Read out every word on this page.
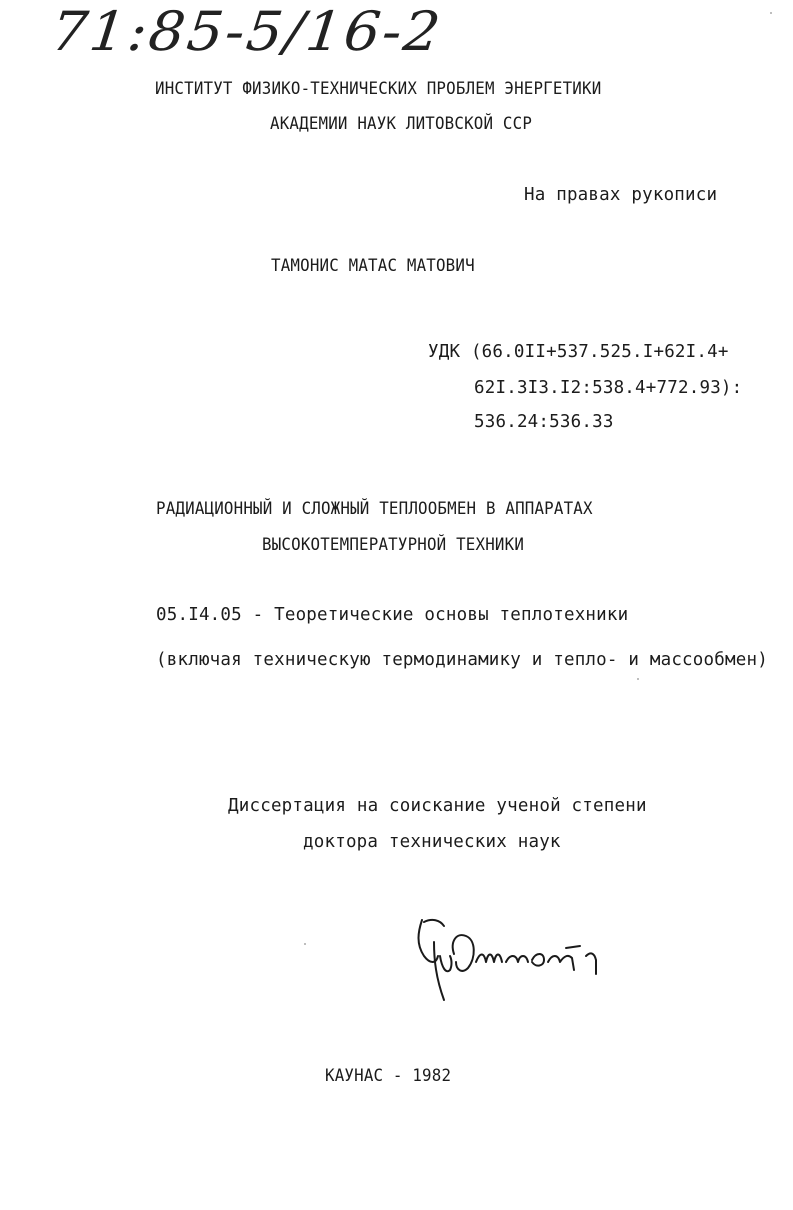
71:85-5/16-2
ИНСТИТУТ ФИЗИКО-ТЕХНИЧЕСКИХ ПРОБЛЕМ ЭНЕРГЕТИКИ
АКАДЕМИИ НАУК ЛИТОВСКОЙ ССР
На правах рукописи
ТАМОНИС МАТАС МАТОВИЧ
УДК (66.0II+537.525.I+62I.4+
62I.3I3.I2:538.4+772.93):
536.24:536.33
РАДИАЦИОННЫЙ И СЛОЖНЫЙ ТЕПЛООБМЕН В АППАРАТАХ
ВЫСОКОТЕМПЕРАТУРНОЙ ТЕХНИКИ
05.I4.05 - Теоретические основы теплотехники
(включая техническую термодинамику и тепло- и массообмен)
Диссертация на соискание ученой степени
доктора технических наук
КАУНАС - 1982
